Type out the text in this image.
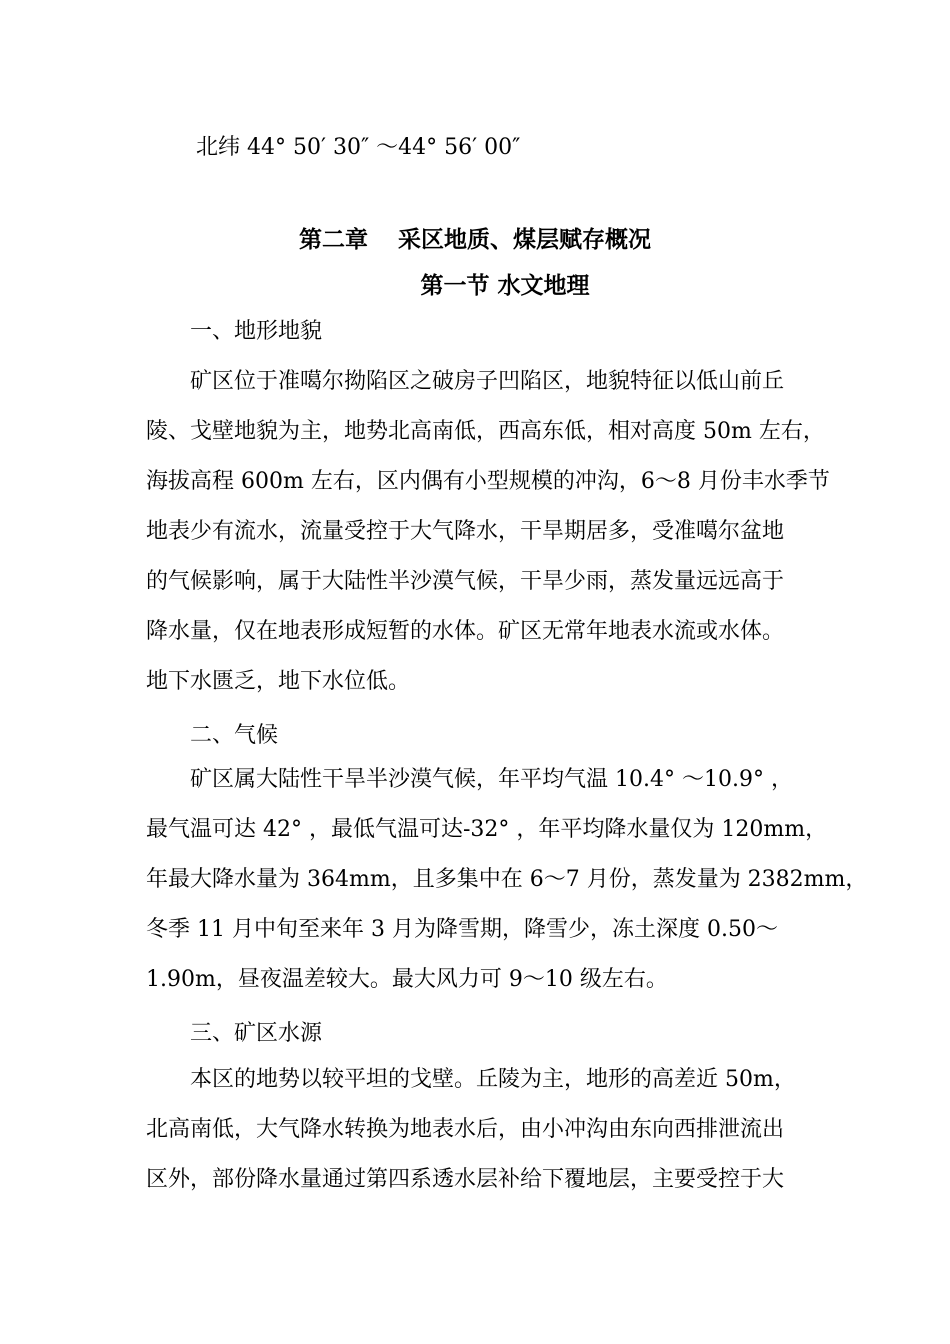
北纬 44° 50′ 30″ ～44° 56′ 00″
第二章 采区地质、煤层赋存概况
第一节 水文地理
一、地形地貌
矿区位于准噶尔拗陷区之破房子凹陷区，地貌特征以低山前丘
陵、戈壁地貌为主，地势北高南低，西高东低，相对高度 50m 左右，
海拔高程 600m 左右，区内偶有小型规模的冲沟，6～8 月份丰水季节
地表少有流水，流量受控于大气降水，干旱期居多，受准噶尔盆地
的气候影响，属于大陆性半沙漠气候，干旱少雨，蒸发量远远高于
降水量，仅在地表形成短暂的水体。矿区无常年地表水流或水体。
地下水匮乏，地下水位低。
二、气候
矿区属大陆性干旱半沙漠气候，年平均气温 10.4° ～10.9° ，
最气温可达 42° ，最低气温可达-32° ，年平均降水量仅为 120mm，
年最大降水量为 364mm，且多集中在 6～7 月份，蒸发量为 2382mm，
冬季 11 月中旬至来年 3 月为降雪期，降雪少，冻土深度 0.50～
1.90m，昼夜温差较大。最大风力可 9～10 级左右。
三、矿区水源
本区的地势以较平坦的戈壁。丘陵为主，地形的高差近 50m，
北高南低，大气降水转换为地表水后，由小冲沟由东向西排泄流出
区外，部份降水量通过第四系透水层补给下覆地层，主要受控于大
